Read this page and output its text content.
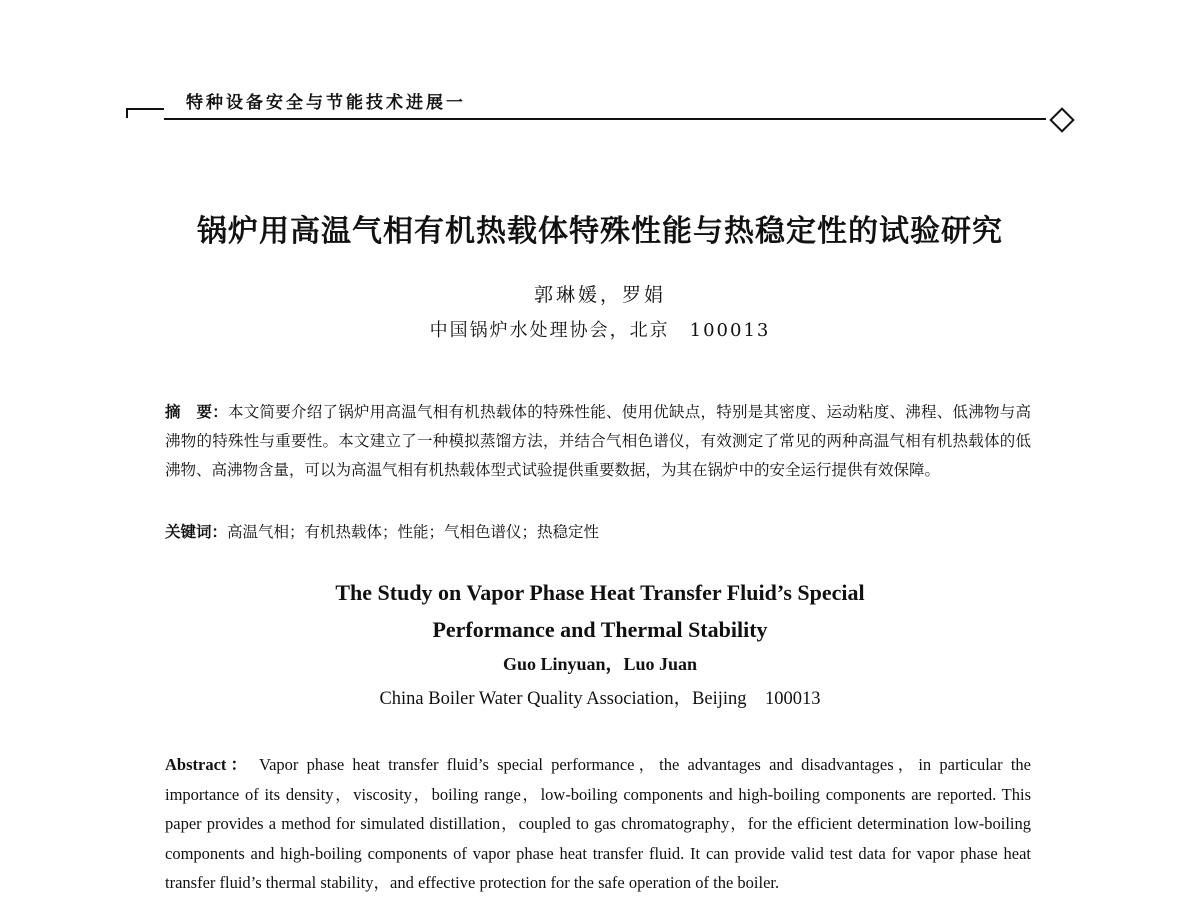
特种设备安全与节能技术进展一
锅炉用高温气相有机热载体特殊性能与热稳定性的试验研究
郭琳媛，罗娟
中国锅炉水处理协会，北京　100013
摘　要：本文简要介绍了锅炉用高温气相有机热载体的特殊性能、使用优缺点，特别是其密度、运动粘度、沸程、低沸物与高沸物的特殊性与重要性。本文建立了一种模拟蒸馏方法，并结合气相色谱仪，有效测定了常见的两种高温气相有机热载体的低沸物、高沸物含量，可以为高温气相有机热载体型式试验提供重要数据，为其在锅炉中的安全运行提供有效保障。
关键词：高温气相；有机热载体；性能；气相色谱仪；热稳定性
The Study on Vapor Phase Heat Transfer Fluid’s Special
Performance and Thermal Stability
Guo Linyuan，Luo Juan
China Boiler Water Quality Association，Beijing　100013
Abstract： Vapor phase heat transfer fluid’s special performance，the advantages and disadvantages，in particular the importance of its density，viscosity，boiling range，low-boiling components and high-boiling components are reported. This paper provides a method for simulated distillation，coupled to gas chromatography，for the efficient determination low-boiling components and high-boiling components of vapor phase heat transfer fluid. It can provide valid test data for vapor phase heat transfer fluid’s thermal stability，and effective protection for the safe operation of the boiler.
